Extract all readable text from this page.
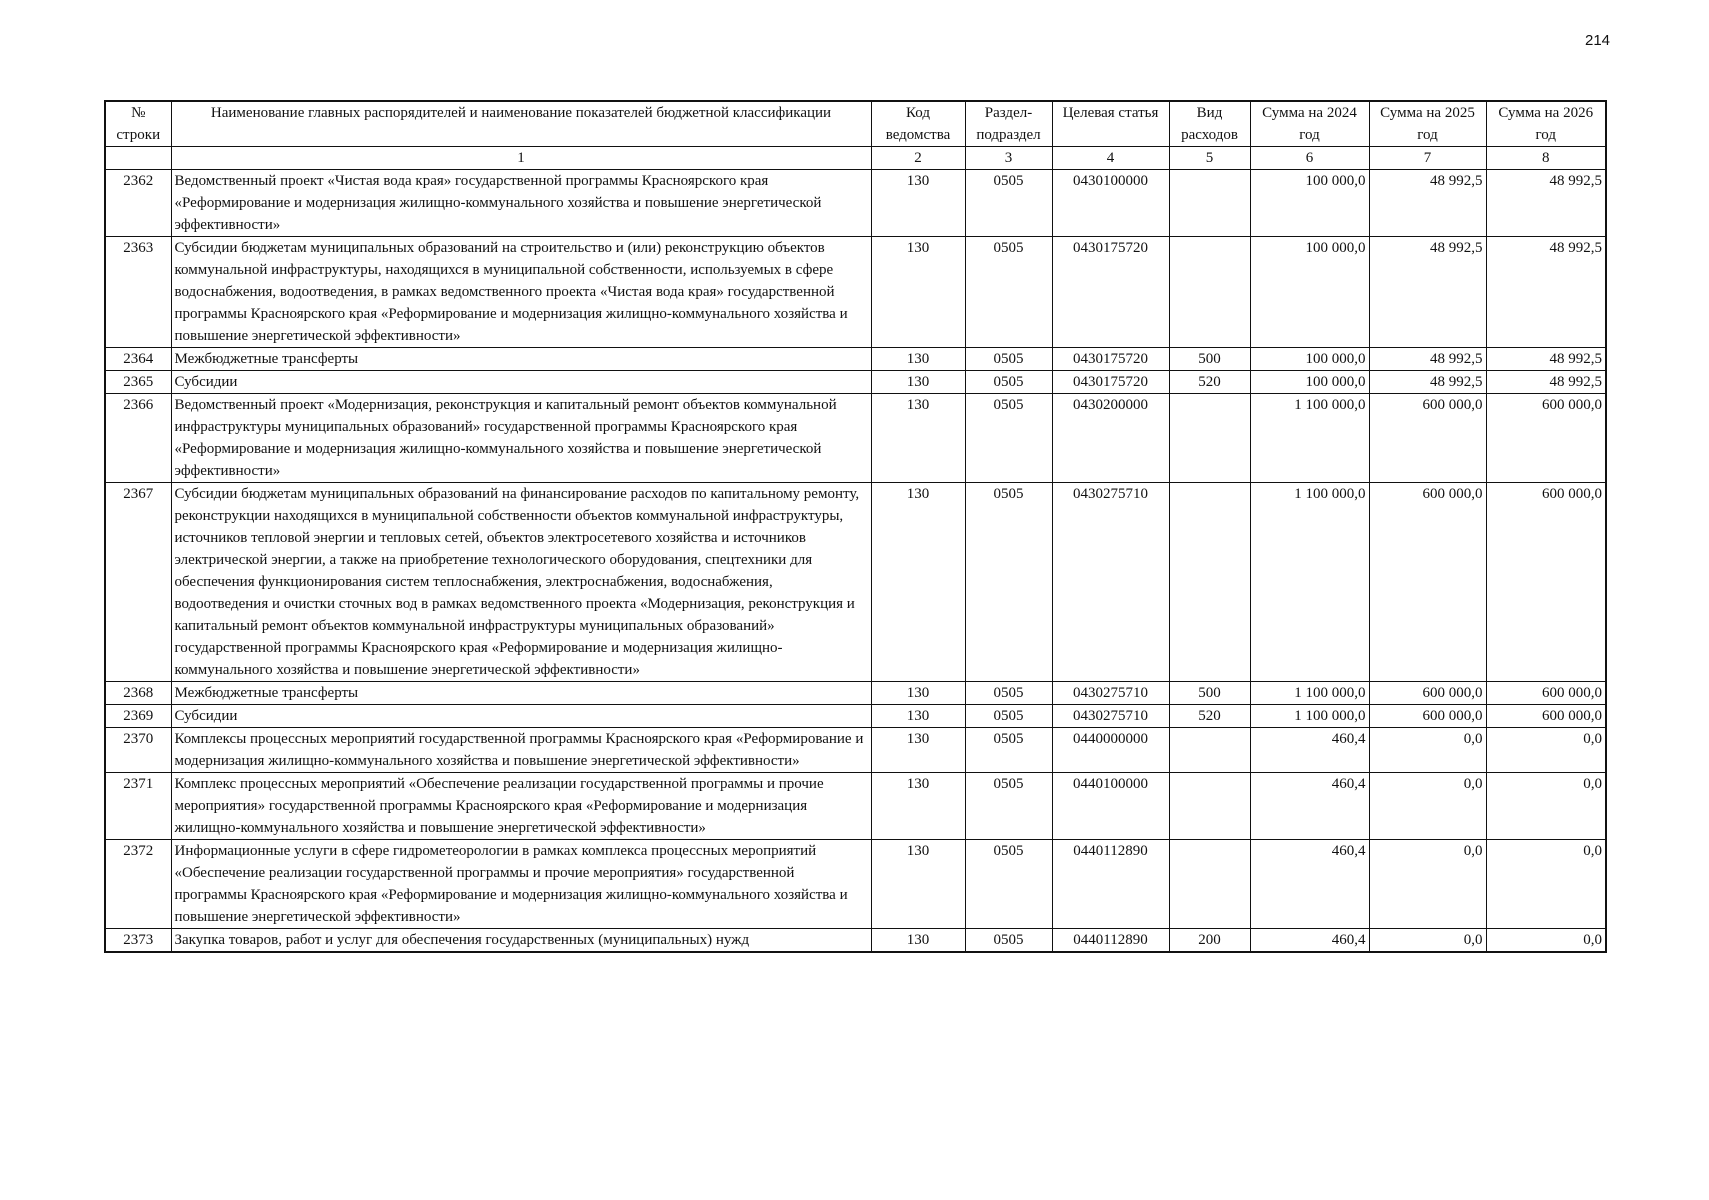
214
№ строки	Наименование главных распорядителей и наименование показателей бюджетной классификации	Код ведомства	Раздел-подраздел	Целевая статья	Вид расходов	Сумма на 2024 год	Сумма на 2025 год	Сумма на 2026 год
	1	2	3	4	5	6	7	8
2362	Ведомственный проект «Чистая вода края» государственной программы Красноярского края «Реформирование и модернизация жилищно-коммунального хозяйства и повышение энергетической эффективности»	130	0505	0430100000		100 000,0	48 992,5	48 992,5
2363	Субсидии бюджетам муниципальных образований на строительство и (или) реконструкцию объектов коммунальной инфраструктуры, находящихся в муниципальной собственности, используемых в сфере водоснабжения, водоотведения, в рамках ведомственного проекта «Чистая вода края» государственной программы Красноярского края «Реформирование и модернизация жилищно-коммунального хозяйства и повышение энергетической эффективности»	130	0505	0430175720		100 000,0	48 992,5	48 992,5
2364	Межбюджетные трансферты	130	0505	0430175720	500	100 000,0	48 992,5	48 992,5
2365	Субсидии	130	0505	0430175720	520	100 000,0	48 992,5	48 992,5
2366	Ведомственный проект «Модернизация, реконструкция и капитальный ремонт объектов коммунальной инфраструктуры муниципальных образований» государственной программы Красноярского края «Реформирование и модернизация жилищно-коммунального хозяйства и повышение энергетической эффективности»	130	0505	0430200000		1 100 000,0	600 000,0	600 000,0
2367	Субсидии бюджетам муниципальных образований на финансирование расходов по капитальному ремонту, реконструкции находящихся в муниципальной собственности объектов коммунальной инфраструктуры, источников тепловой энергии и тепловых сетей, объектов электросетевого хозяйства и источников электрической энергии, а также на приобретение технологического оборудования, спецтехники для обеспечения функционирования систем теплоснабжения, электроснабжения, водоснабжения, водоотведения и очистки сточных вод в рамках ведомственного проекта «Модернизация, реконструкция и капитальный ремонт объектов коммунальной инфраструктуры муниципальных образований» государственной программы Красноярского края «Реформирование и модернизация жилищно-коммунального хозяйства и повышение энергетической эффективности»	130	0505	0430275710		1 100 000,0	600 000,0	600 000,0
2368	Межбюджетные трансферты	130	0505	0430275710	500	1 100 000,0	600 000,0	600 000,0
2369	Субсидии	130	0505	0430275710	520	1 100 000,0	600 000,0	600 000,0
2370	Комплексы процессных мероприятий государственной программы Красноярского края «Реформирование и модернизация жилищно-коммунального хозяйства и повышение энергетической эффективности»	130	0505	0440000000		460,4	0,0	0,0
2371	Комплекс процессных мероприятий «Обеспечение реализации государственной программы и прочие мероприятия» государственной программы Красноярского края «Реформирование и модернизация жилищно-коммунального хозяйства и повышение энергетической эффективности»	130	0505	0440100000		460,4	0,0	0,0
2372	Информационные услуги в сфере гидрометеорологии в рамках комплекса процессных мероприятий «Обеспечение реализации государственной программы и прочие мероприятия» государственной программы Красноярского края «Реформирование и модернизация жилищно-коммунального хозяйства и повышение энергетической эффективности»	130	0505	0440112890		460,4	0,0	0,0
2373	Закупка товаров, работ и услуг для обеспечения государственных (муниципальных) нужд	130	0505	0440112890	200	460,4	0,0	0,0
